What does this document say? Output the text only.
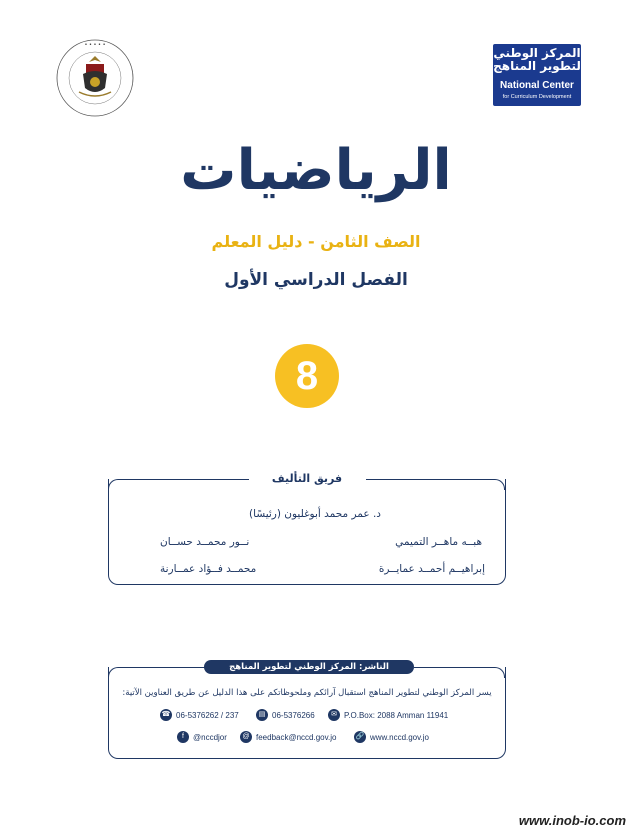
• • • • •
المركز الوطني لتطوير المناهج
National Center
for Curriculum Development
الرياضيات
الصف الثامن - دليل المعلم
الفصل الدراسي الأول
8
فريق التأليف
د. عمر محمد أبوغليون (رئيسًا)
هبــه ماهــر التميمي
نــور محمــد حســان
إبراهيــم أحمــد عمايــرة
محمــد فــؤاد عمــارنة
الناشر: المركز الوطني لتطوير المناهج
يسر المركز الوطني لتطوير المناهج استقبال آرائكم وملحوظاتكم على هذا الدليل عن طريق العناوين الآتية:
☎ 06-5376262 / 237	▤ 06-5376266	✉ P.O.Box: 2088 Amman 11941
f	@nccdjor	@ feedback@nccd.gov.jo	🔗 www.nccd.gov.jo
www.inob-io.com
